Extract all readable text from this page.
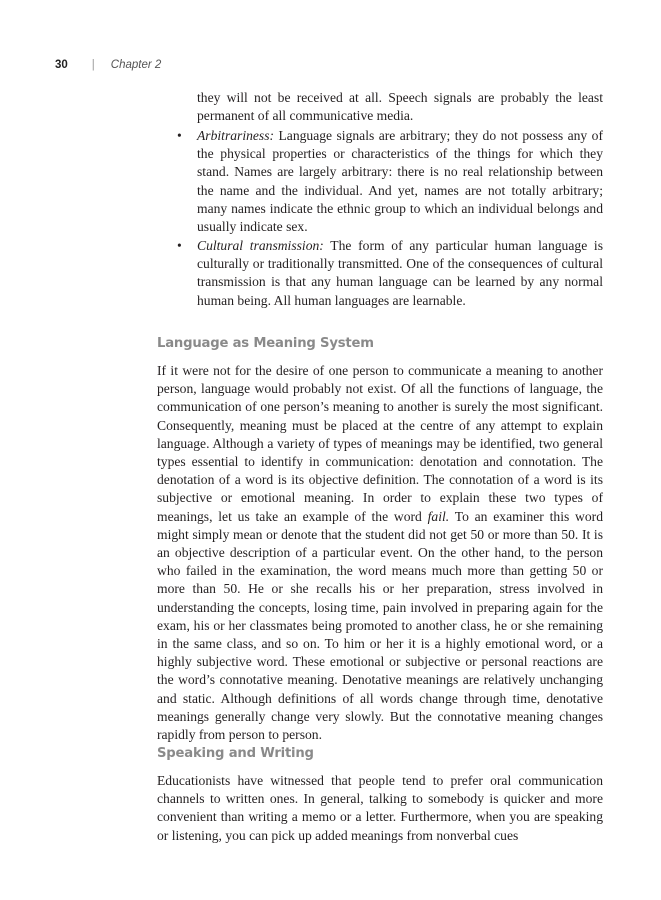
30 | Chapter 2

they will not be received at all. Speech signals are probably the least permanent of all communicative media.

• Arbitrariness: Language signals are arbitrary; they do not possess any of the physical properties or characteristics of the things for which they stand. Names are largely arbitrary: there is no real relationship between the name and the individual. And yet, names are not totally arbitrary; many names indicate the ethnic group to which an individual belongs and usually indicate sex.

• Cultural transmission: The form of any particular human language is culturally or traditionally transmitted. One of the consequences of cultural transmission is that any human language can be learned by any normal human being. All human languages are learnable.

Language as Meaning System

If it were not for the desire of one person to communicate a meaning to another person, language would probably not exist. Of all the functions of language, the communication of one person’s meaning to another is surely the most significant. Consequently, meaning must be placed at the centre of any attempt to explain language. Although a variety of types of meanings may be identified, two general types essential to identify in communication: denotation and connotation. The denotation of a word is its objective definition. The connotation of a word is its subjective or emotional meaning. In order to explain these two types of meanings, let us take an example of the word fail. To an examiner this word might simply mean or denote that the student did not get 50 or more than 50. It is an objective description of a particular event. On the other hand, to the person who failed in the examination, the word means much more than getting 50 or more than 50. He or she recalls his or her preparation, stress involved in understanding the concepts, losing time, pain involved in preparing again for the exam, his or her classmates being promoted to another class, he or she remaining in the same class, and so on. To him or her it is a highly emotional word, or a highly subjective word. These emotional or subjective or personal reactions are the word’s connotative meaning. Denotative meanings are relatively unchanging and static. Although definitions of all words change through time, denotative meanings generally change very slowly. But the connotative meaning changes rapidly from person to person.

Speaking and Writing

Educationists have witnessed that people tend to prefer oral communication channels to written ones. In general, talking to somebody is quicker and more convenient than writing a memo or a letter. Furthermore, when you are speaking or listening, you can pick up added meanings from nonverbal cues
